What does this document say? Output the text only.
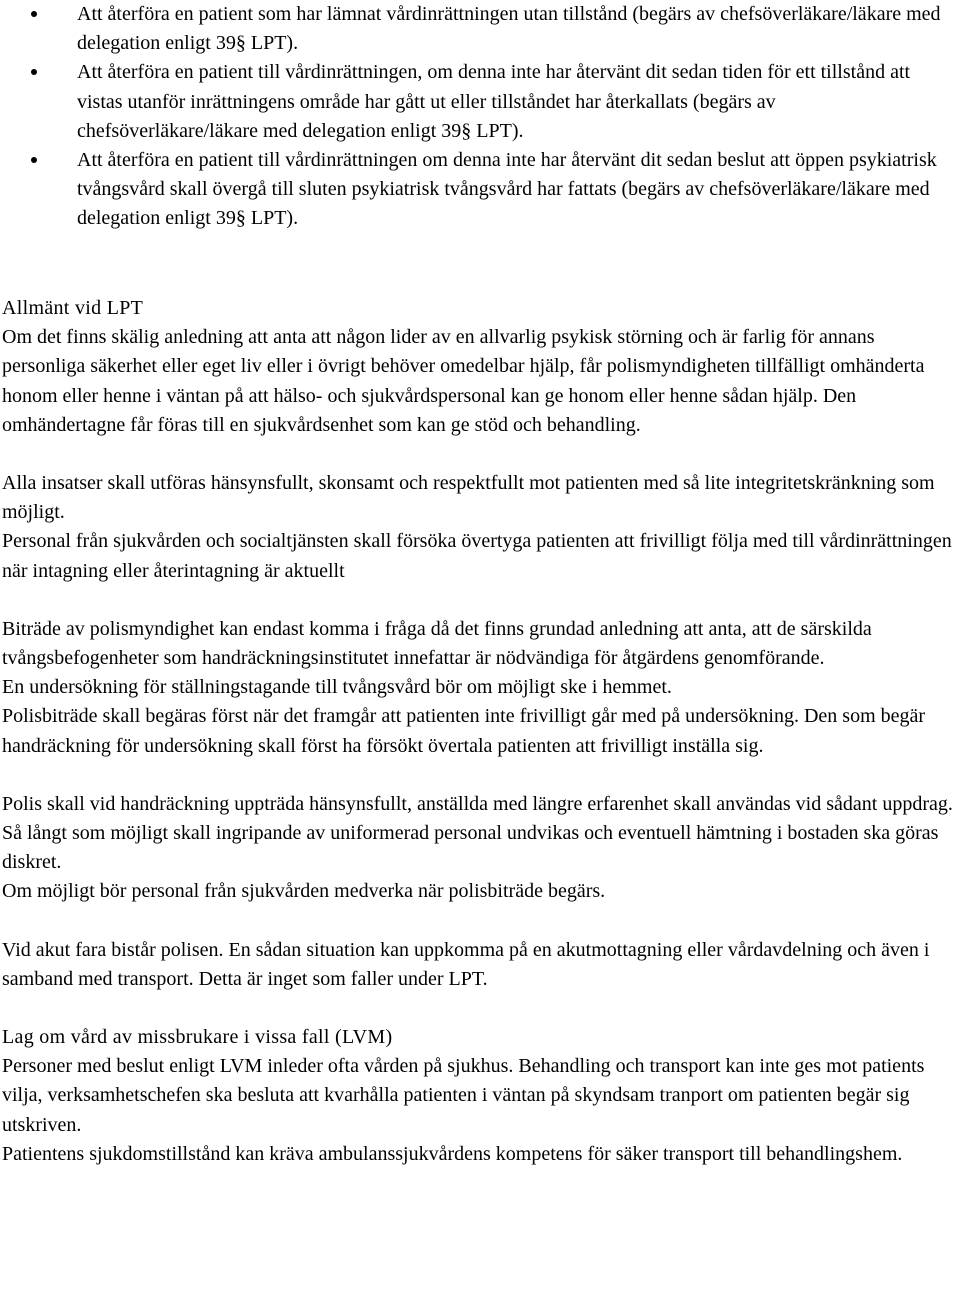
Att återföra en patient som har lämnat vårdinrättningen utan tillstånd (begärs av chefsöverläkare/läkare med delegation enligt 39§ LPT).
Att återföra en patient till vårdinrättningen, om denna inte har återvänt dit sedan tiden för ett tillstånd att vistas utanför inrättningens område har gått ut eller tillståndet har återkallats (begärs av chefsöverläkare/läkare med delegation enligt 39§ LPT).
Att återföra en patient till vårdinrättningen om denna inte har återvänt dit sedan beslut att öppen psykiatrisk tvångsvård skall övergå till sluten psykiatrisk tvångsvård har fattats (begärs av chefsöverläkare/läkare med delegation enligt 39§ LPT).

Allmänt vid LPT

Om det finns skälig anledning att anta att någon lider av en allvarlig psykisk störning och är farlig för annans personliga säkerhet eller eget liv eller i övrigt behöver omedelbar hjälp, får polismyndigheten tillfälligt omhänderta honom eller henne i väntan på att hälso- och sjukvårdspersonal kan ge honom eller henne sådan hjälp. Den omhändertagne får föras till en sjukvårdsenhet som kan ge stöd och behandling.

Alla insatser skall utföras hänsynsfullt, skonsamt och respektfullt mot patienten med så lite integritetskränkning som möjligt.

Personal från sjukvården och socialtjänsten skall försöka övertyga patienten att frivilligt följa med till vårdinrättningen när intagning eller återintagning är aktuellt

Biträde av polismyndighet kan endast komma i fråga då det finns grundad anledning att anta, att de särskilda tvångsbefogenheter som handräckningsinstitutet innefattar är nödvändiga för åtgärdens genomförande.

En undersökning för ställningstagande till tvångsvård bör om möjligt ske i hemmet.

Polisbiträde skall begäras först när det framgår att patienten inte frivilligt går med på undersökning. Den som begär handräckning för undersökning skall först ha försökt övertala patienten att frivilligt inställa sig.

Polis skall vid handräckning uppträda hänsynsfullt, anställda med längre erfarenhet skall användas vid sådant uppdrag. Så långt som möjligt skall ingripande av uniformerad personal undvikas och eventuell hämtning i bostaden ska göras diskret.

Om möjligt bör personal från sjukvården medverka när polisbiträde begärs.

Vid akut fara bistår polisen. En sådan situation kan uppkomma på en akutmottagning eller vårdavdelning och även i samband med transport. Detta är inget som faller under LPT.

Lag om vård av missbrukare i vissa fall (LVM)

Personer med beslut enligt LVM inleder ofta vården på sjukhus. Behandling och transport kan inte ges mot patients vilja, verksamhetschefen ska besluta att kvarhålla patienten i väntan på skyndsam tranport om patienten begär sig utskriven.

Patientens sjukdomstillstånd kan kräva ambulanssjukvårdens kompetens för säker transport till behandlingshem.
